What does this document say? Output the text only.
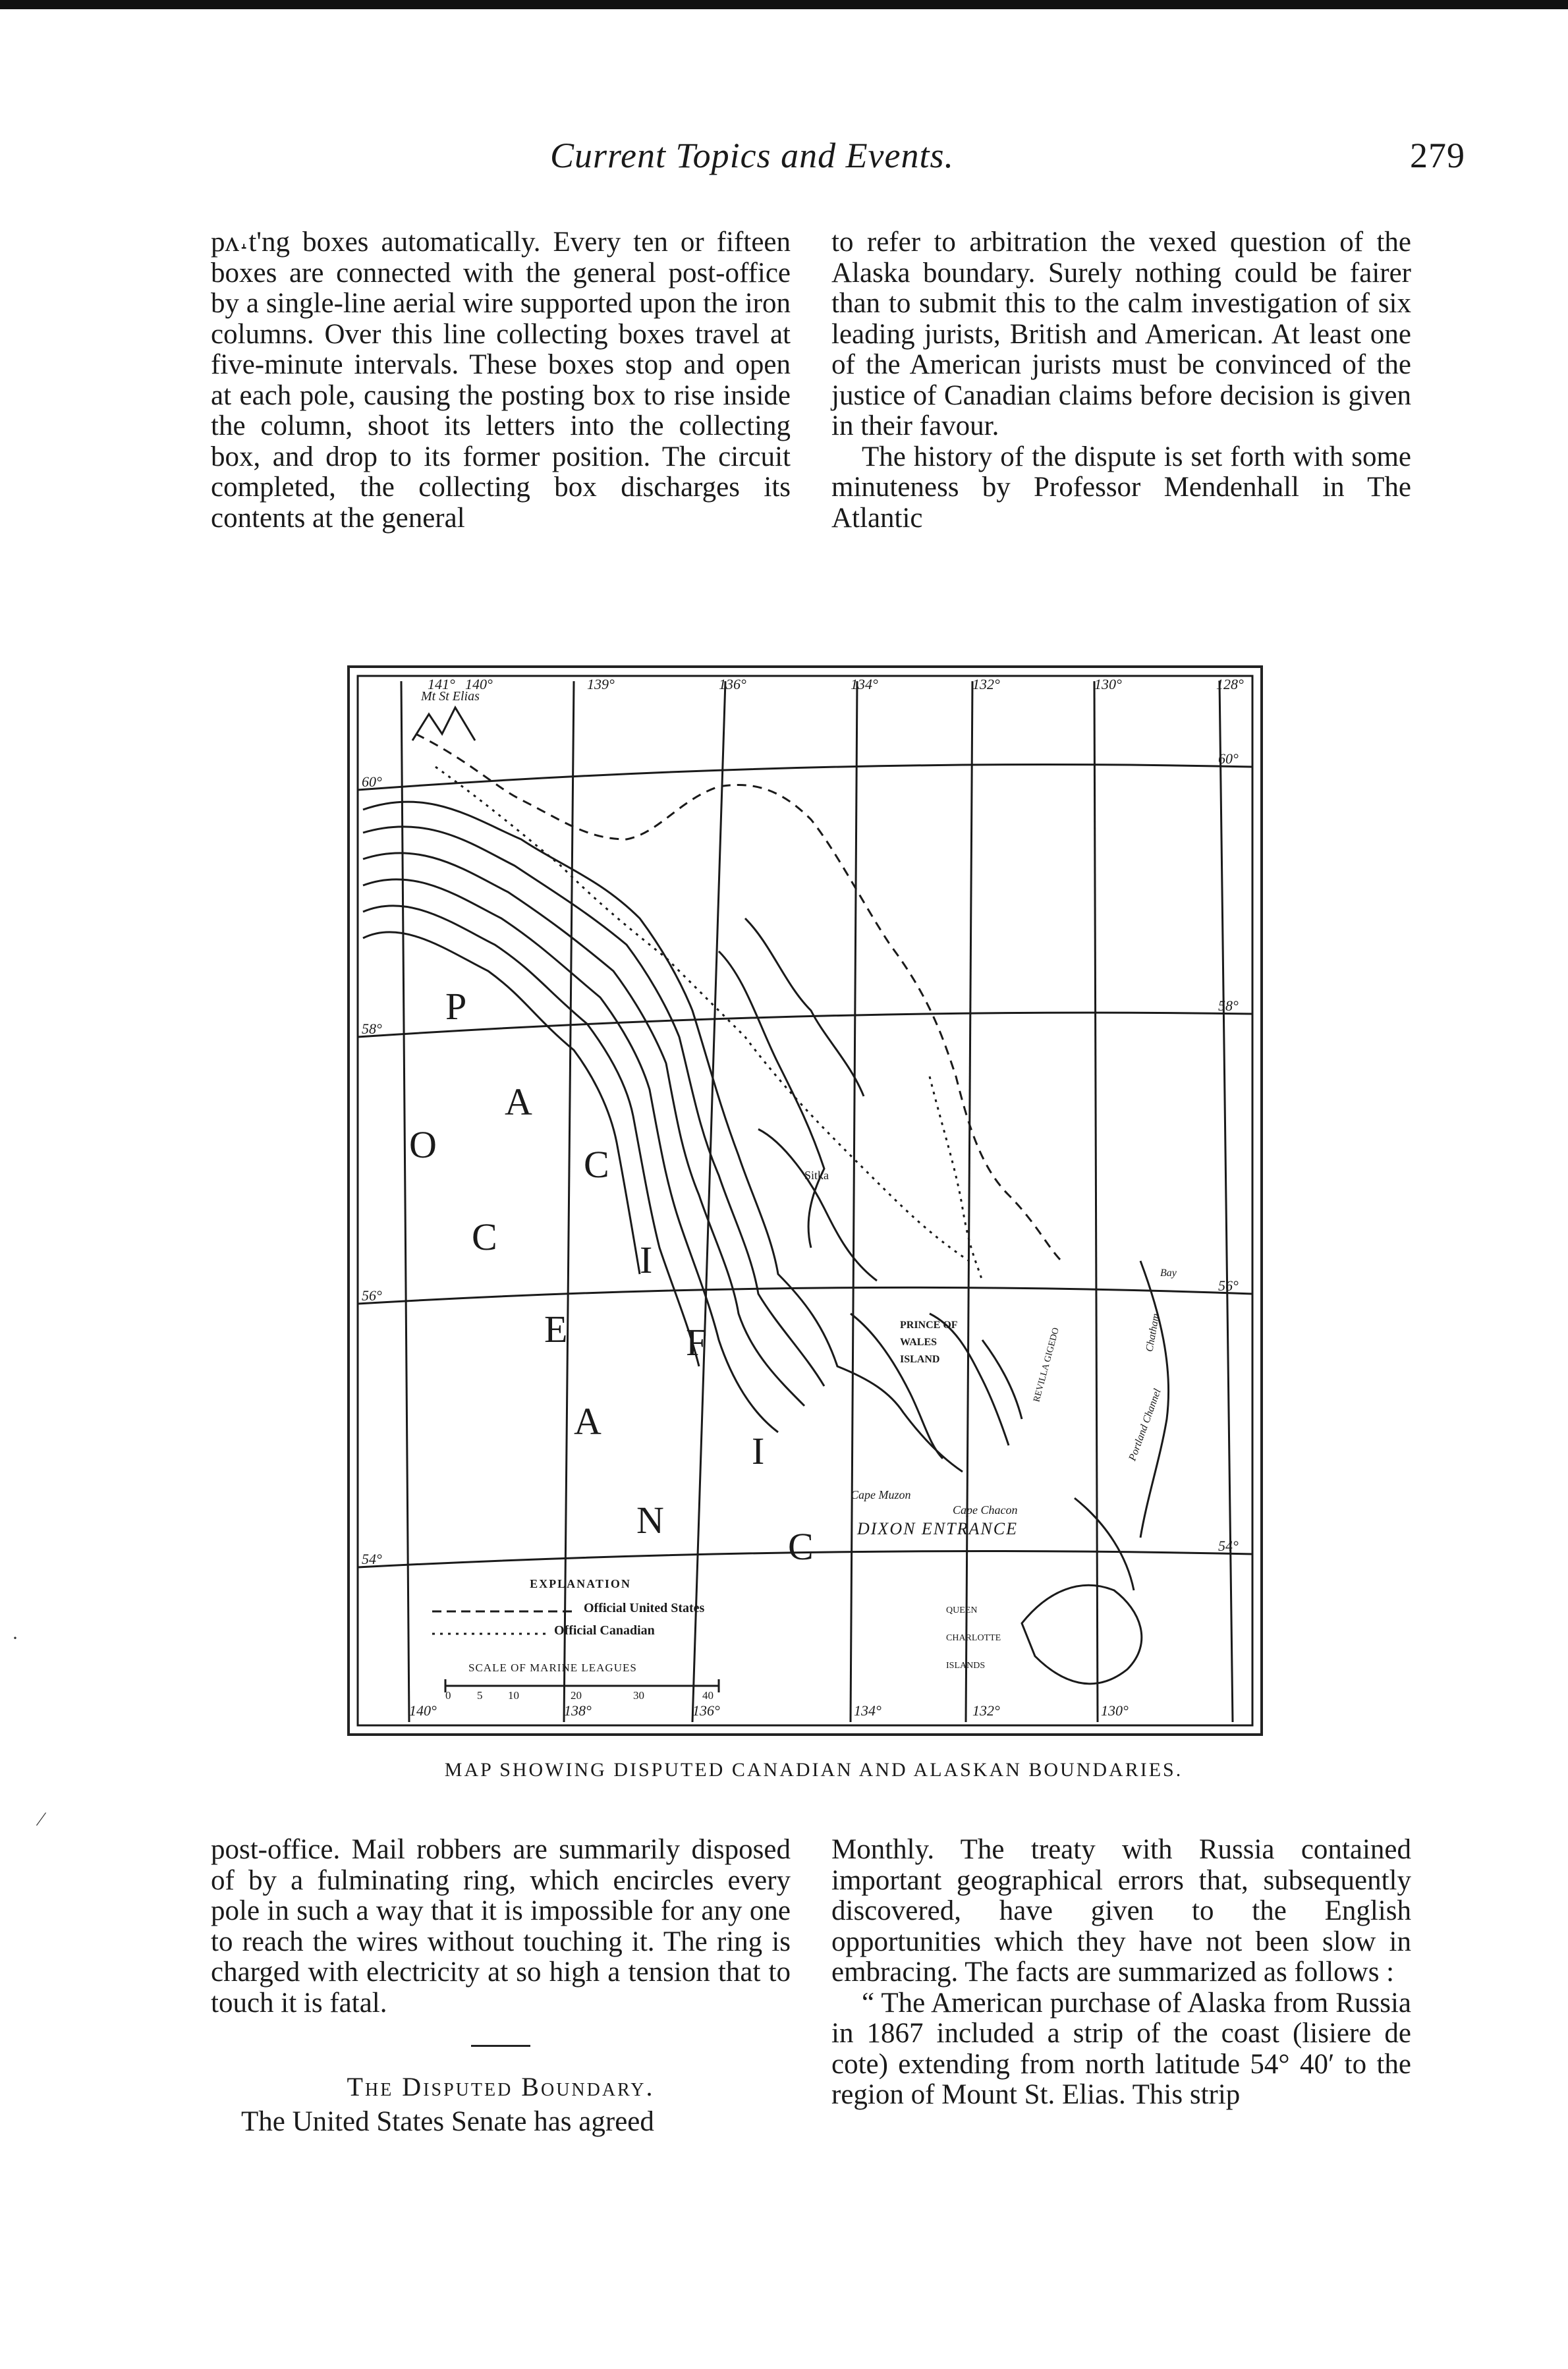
Current Topics and Events.	279

pʌ˔t'ng boxes automatically. Every ten or fifteen boxes are connected with the general post-office by a single-line aerial wire supported upon the iron columns. Over this line collecting boxes travel at five-minute intervals. These boxes stop and open at each pole, causing the posting box to rise inside the column, shoot its letters into the collecting box, and drop to its former position. The circuit completed, the collecting box discharges its contents at the general

to refer to arbitration the vexed question of the Alaska boundary. Surely nothing could be fairer than to submit this to the calm investigation of six leading jurists, British and American. At least one of the American jurists must be convinced of the justice of Canadian claims before decision is given in their favour.

The history of the dispute is set forth with some minuteness by Professor Mendenhall in The Atlantic

141° 140°	139°	136°	134°	132°	130°	128°
140°	138°	136°	134°	132°	130°
60°
58°
56°
54°
60°
58°
56°
54°
P
A
C
I
F
I
C
O
C
E
A
N
Mt St Elias
Sitka
PRINCE OF WALES ISLAND
Cape Muzon
Cape Chacon
DIXON ENTRANCE
QUEEN CHARLOTTE ISLANDS
Bay
Portland Channel
REVILLA GIGEDO	Chatham
EXPLANATION
Official United States
Official Canadian
SCALE OF MARINE LEAGUES
0 5 10	20	30	40
MAP SHOWING DISPUTED CANADIAN AND ALASKAN BOUNDARIES.

post-office. Mail robbers are summarily disposed of by a fulminating ring, which encircles every pole in such a way that it is impossible for any one to reach the wires without touching it. The ring is charged with electricity at so high a tension that to touch it is fatal.

The Disputed Boundary.

The United States Senate has agreed

Monthly. The treaty with Russia contained important geographical errors that, subsequently discovered, have given to the English opportunities which they have not been slow in embracing. The facts are summarized as follows :

“ The American purchase of Alaska from Russia in 1867 included a strip of the coast (lisiere de cote) extending from north latitude 54° 40′ to the region of Mount St. Elias. This strip

·
⁄
